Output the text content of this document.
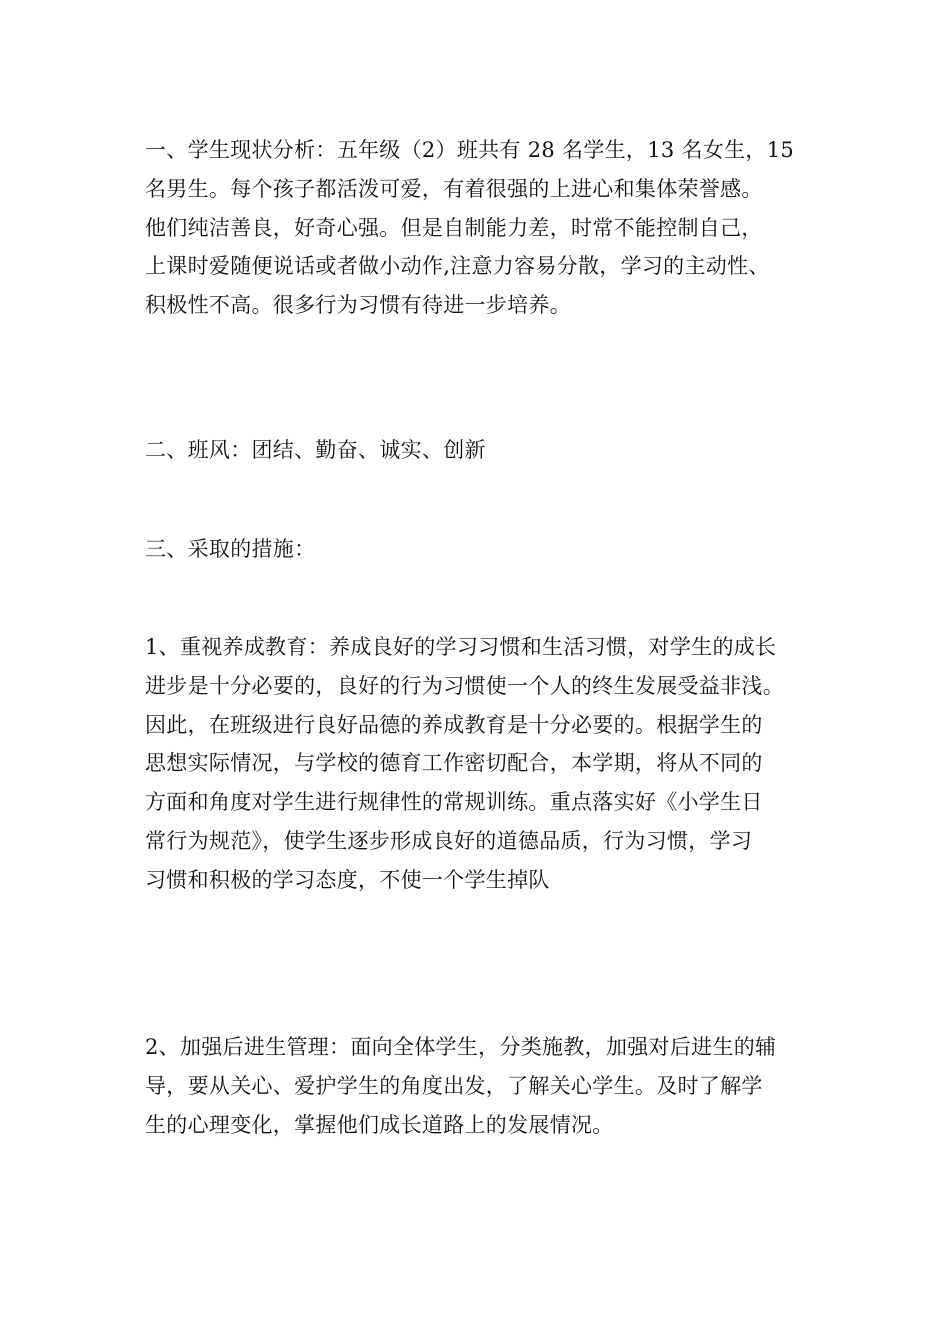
一、学生现状分析：五年级（2）班共有 28 名学生，13 名女生，15
名男生。每个孩子都活泼可爱，有着很强的上进心和集体荣誉感。
他们纯洁善良，好奇心强。但是自制能力差，时常不能控制自己，
上课时爱随便说话或者做小动作,注意力容易分散，学习的主动性、
积极性不高。很多行为习惯有待进一步培养。
二、班风：团结、勤奋、诚实、创新
三、采取的措施：
1、重视养成教育：养成良好的学习习惯和生活习惯，对学生的成长
进步是十分必要的，良好的行为习惯使一个人的终生发展受益非浅。
因此，在班级进行良好品德的养成教育是十分必要的。根据学生的
思想实际情况，与学校的德育工作密切配合，本学期，将从不同的
方面和角度对学生进行规律性的常规训练。重点落实好《小学生日
常行为规范》，使学生逐步形成良好的道德品质，行为习惯，学习
习惯和积极的学习态度，不使一个学生掉队
2、加强后进生管理：面向全体学生，分类施教，加强对后进生的辅
导，要从关心、爱护学生的角度出发，了解关心学生。及时了解学
生的心理变化，掌握他们成长道路上的发展情况。
